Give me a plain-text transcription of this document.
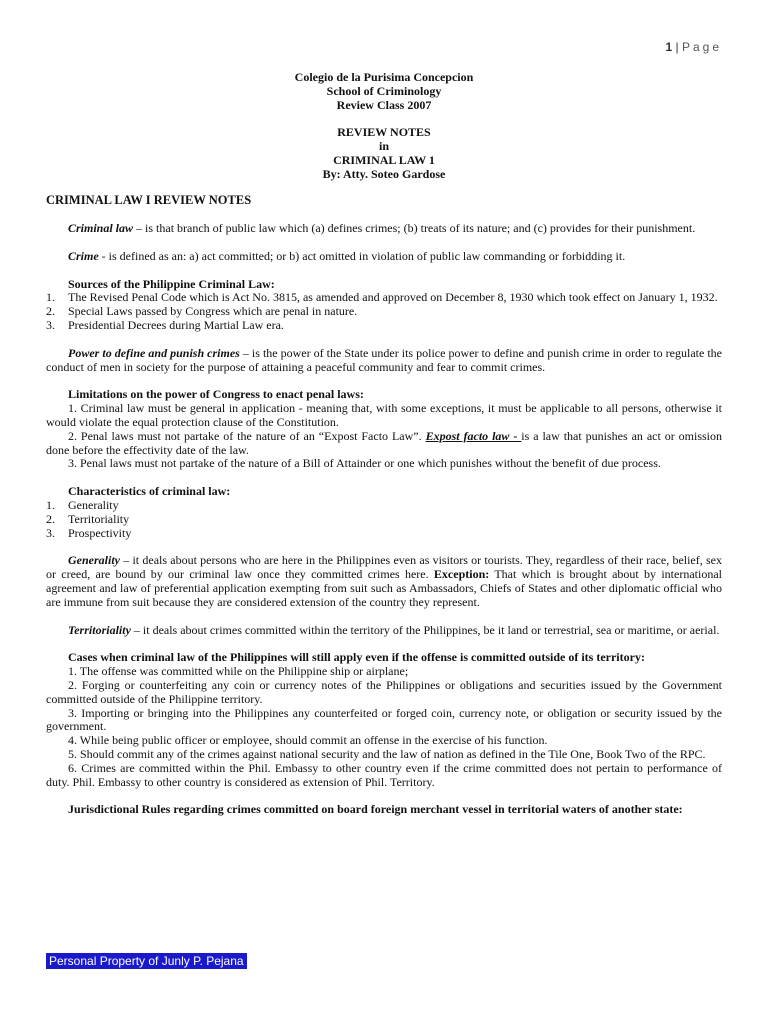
1 | Page
Colegio de la Purisima Concepcion
School of Criminology
Review Class 2007
REVIEW NOTES
in
CRIMINAL LAW 1
By: Atty. Soteo Gardose
CRIMINAL LAW I REVIEW NOTES

Criminal law – is that branch of public law which (a) defines crimes; (b) treats of its nature; and (c) provides for their punishment.

Crime - is defined as an: a) act committed; or b) act omitted in violation of public law commanding or forbidding it.

Sources of the Philippine Criminal Law:

1. The Revised Penal Code which is Act No. 3815, as amended and approved on December 8, 1930 which took effect on January 1, 1932.
2. Special Laws passed by Congress which are penal in nature.
3. Presidential Decrees during Martial Law era.

Power to define and punish crimes – is the power of the State under its police power to define and punish crime in order to regulate the conduct of men in society for the purpose of attaining a peaceful community and fear to commit crimes.

Limitations on the power of Congress to enact penal laws:

1. Criminal law must be general in application - meaning that, with some exceptions, it must be applicable to all persons, otherwise it would violate the equal protection clause of the Constitution.

2. Penal laws must not partake of the nature of an “Expost Facto Law”. Expost facto law - is a law that punishes an act or omission done before the effectivity date of the law.

3. Penal laws must not partake of the nature of a Bill of Attainder or one which punishes without the benefit of due process.

Characteristics of criminal law:

1. Generality
2. Territoriality
3. Prospectivity

Generality – it deals about persons who are here in the Philippines even as visitors or tourists. They, regardless of their race, belief, sex or creed, are bound by our criminal law once they committed crimes here. Exception: That which is brought about by international agreement and law of preferential application exempting from suit such as Ambassadors, Chiefs of States and other diplomatic official who are immune from suit because they are considered extension of the country they represent.

Territoriality – it deals about crimes committed within the territory of the Philippines, be it land or terrestrial, sea or maritime, or aerial.

Cases when criminal law of the Philippines will still apply even if the offense is committed outside of its territory:

1. The offense was committed while on the Philippine ship or airplane;
2. Forging or counterfeiting any coin or currency notes of the Philippines or obligations and securities issued by the Government committed outside of the Philippine territory.
3. Importing or bringing into the Philippines any counterfeited or forged coin, currency note, or obligation or security issued by the government.
4. While being public officer or employee, should commit an offense in the exercise of his function.
5. Should commit any of the crimes against national security and the law of nation as defined in the Tile One, Book Two of the RPC.
6. Crimes are committed within the Phil. Embassy to other country even if the crime committed does not pertain to performance of duty. Phil. Embassy to other country is considered as extension of Phil. Territory.

Jurisdictional Rules regarding crimes committed on board foreign merchant vessel in territorial waters of another state:

Personal Property of Junly P. Pejana
